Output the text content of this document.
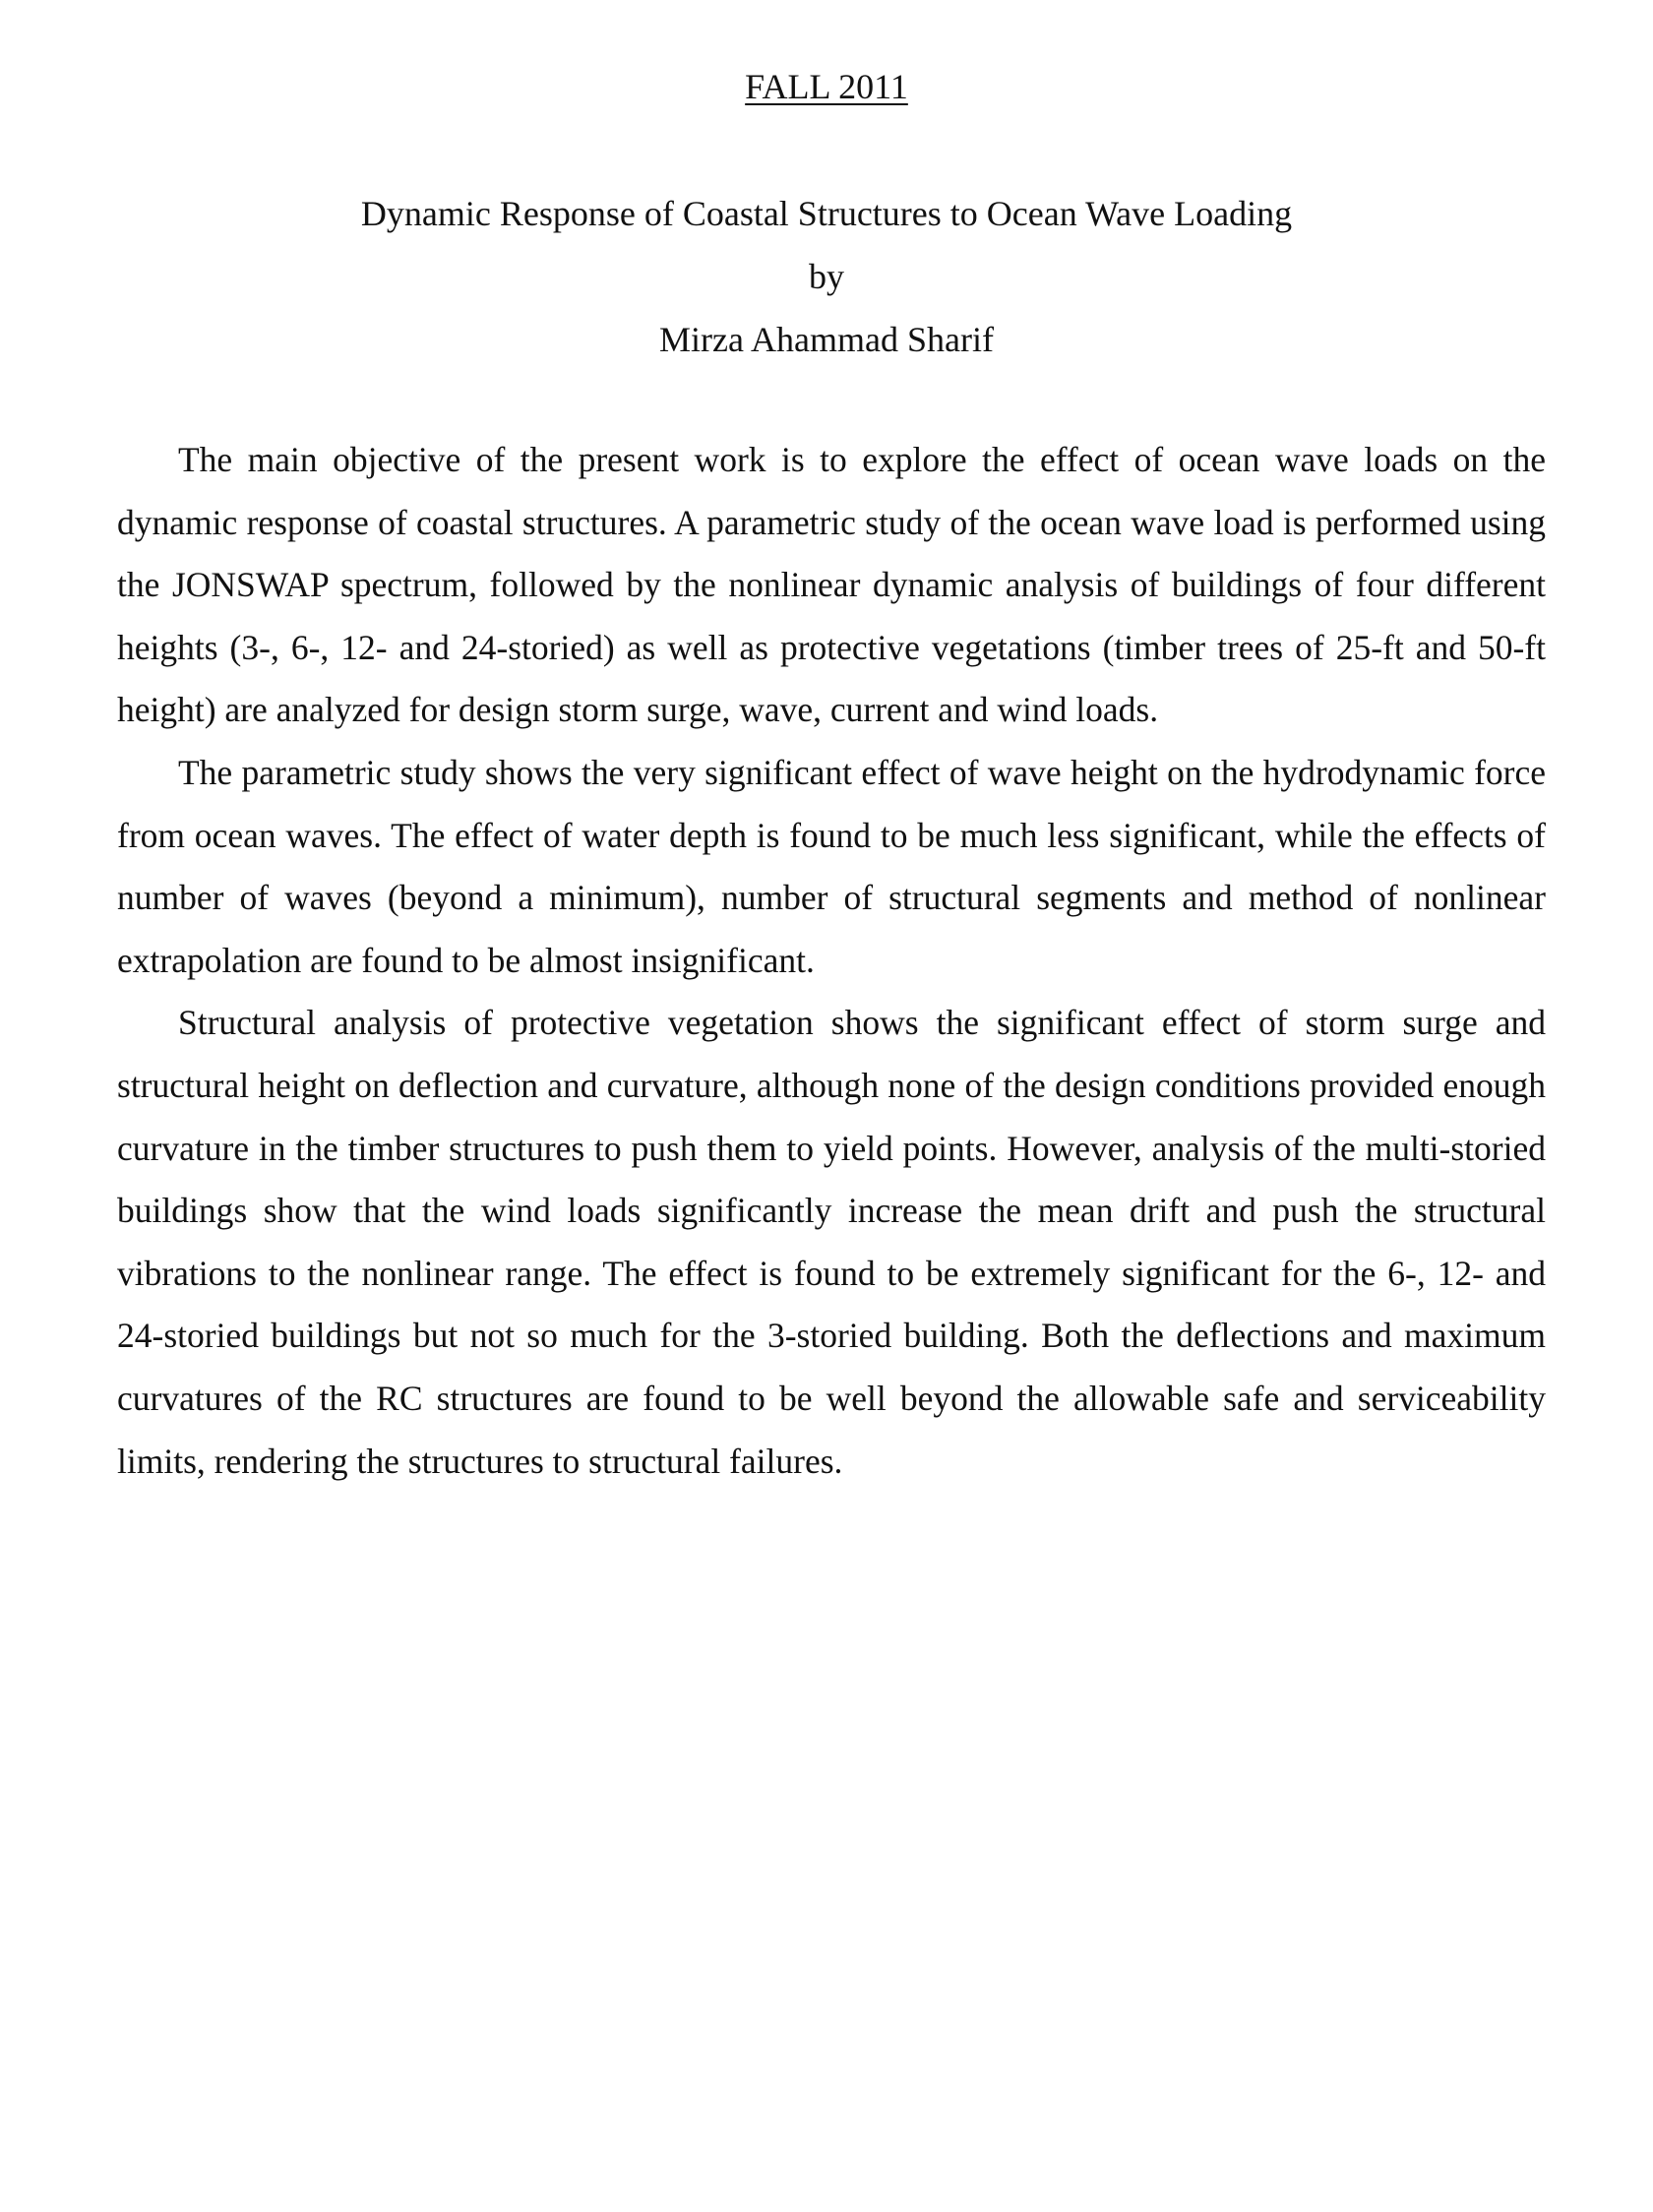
FALL 2011
Dynamic Response of Coastal Structures to Ocean Wave Loading
by
Mirza Ahammad Sharif

The main objective of the present work is to explore the effect of ocean wave loads on the dynamic response of coastal structures. A parametric study of the ocean wave load is performed using the JONSWAP spectrum, followed by the nonlinear dynamic analysis of buildings of four different heights (3-, 6-, 12- and 24-storied) as well as protective vegetations (timber trees of 25-ft and 50-ft height) are analyzed for design storm surge, wave, current and wind loads.

The parametric study shows the very significant effect of wave height on the hydrodynamic force from ocean waves. The effect of water depth is found to be much less significant, while the effects of number of waves (beyond a minimum), number of structural segments and method of nonlinear extrapolation are found to be almost insignificant.

Structural analysis of protective vegetation shows the significant effect of storm surge and structural height on deflection and curvature, although none of the design conditions provided enough curvature in the timber structures to push them to yield points. However, analysis of the multi-storied buildings show that the wind loads significantly increase the mean drift and push the structural vibrations to the nonlinear range. The effect is found to be extremely significant for the 6-, 12- and 24-storied buildings but not so much for the 3-storied building. Both the deflections and maximum curvatures of the RC structures are found to be well beyond the allowable safe and serviceability limits, rendering the structures to structural failures.
